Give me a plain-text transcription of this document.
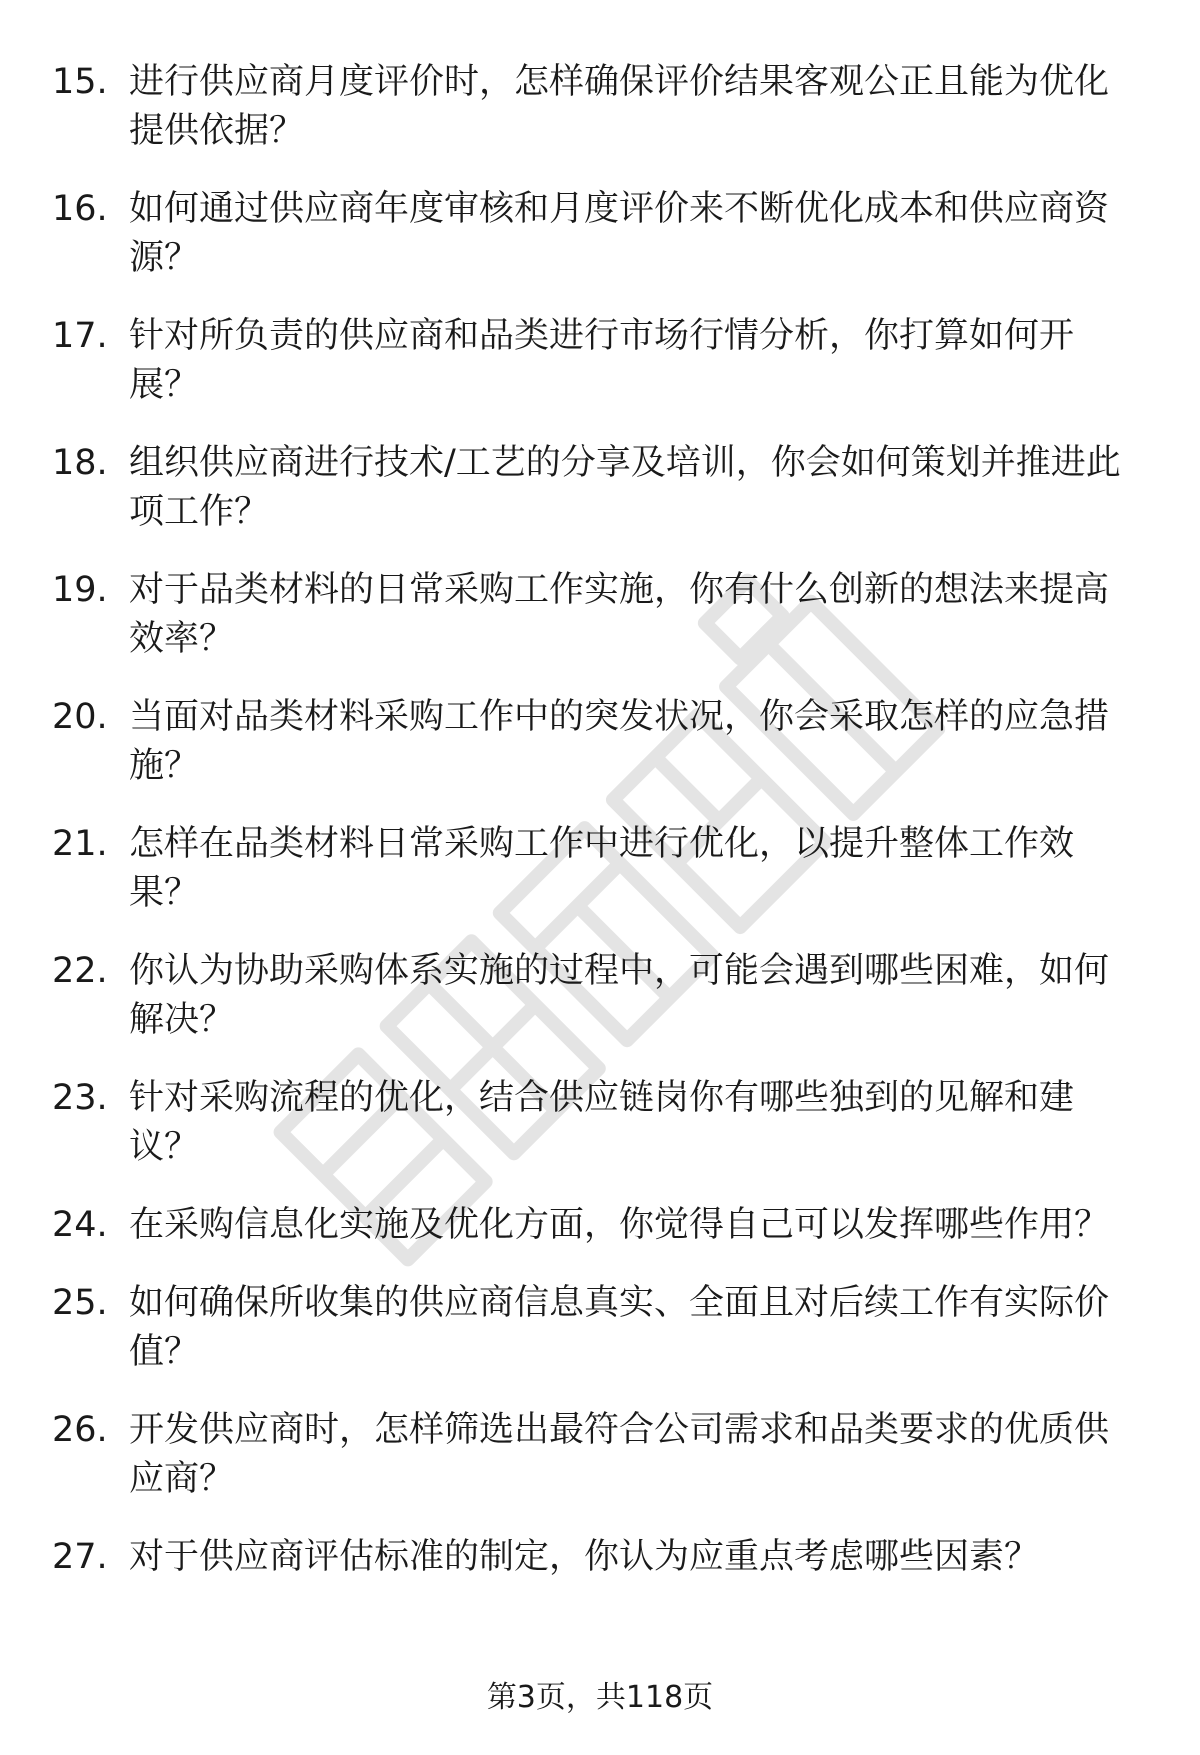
15. 进行供应商月度评价时，怎样确保评价结果客观公正且能为优化提供依据？
16. 如何通过供应商年度审核和月度评价来不断优化成本和供应商资源？
17. 针对所负责的供应商和品类进行市场行情分析，你打算如何开展？
18. 组织供应商进行技术/工艺的分享及培训，你会如何策划并推进此项工作？
19. 对于品类材料的日常采购工作实施，你有什么创新的想法来提高效率？
20. 当面对品类材料采购工作中的突发状况，你会采取怎样的应急措施？
21. 怎样在品类材料日常采购工作中进行优化，以提升整体工作效果？
22. 你认为协助采购体系实施的过程中，可能会遇到哪些困难，如何解决？
23. 针对采购流程的优化，结合供应链岗你有哪些独到的见解和建议？
24. 在采购信息化实施及优化方面，你觉得自己可以发挥哪些作用？
25. 如何确保所收集的供应商信息真实、全面且对后续工作有实际价值？
26. 开发供应商时，怎样筛选出最符合公司需求和品类要求的优质供应商？
27. 对于供应商评估标准的制定，你认为应重点考虑哪些因素？
第3页，共118页
